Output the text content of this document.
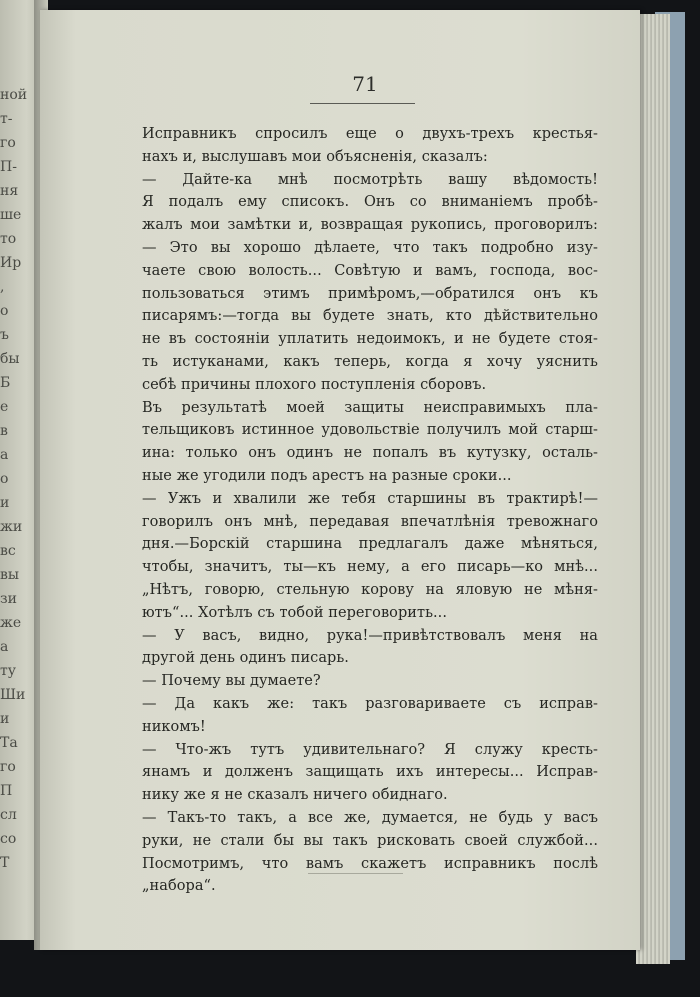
ной
т-
го
П-
ня
ше
то
Ир
,
о
ъ
бы
Б
е
в
а
о
и
жи
вс
вы
зи
же
а
ту
Ши
и
Та
го
П
сл
со
Т
71
Исправникъ спросилъ еще о двухъ-трехъ крестья-
нахъ и, выслушавъ мои объясненія, сказалъ:
— Дайте-ка мнѣ посмотрѣть вашу вѣдомость!
Я подалъ ему списокъ. Онъ со вниманіемъ пробѣ-
жалъ мои замѣтки и, возвращая рукопись, проговорилъ:
— Это вы хорошо дѣлаете, что такъ подробно изу-
чаете свою волость... Совѣтую и вамъ, господа, вос-
пользоваться этимъ примѣромъ,—обратился онъ къ
писарямъ:—тогда вы будете знать, кто дѣйствительно
не въ состояніи уплатить недоимокъ, и не будете стоя-
ть истуканами, какъ теперь, когда я хочу уяснить
себѣ причины плохого поступленія сборовъ.
Въ результатѣ моей защиты неисправимыхъ пла-
тельщиковъ истинное удовольствіе получилъ мой старш-
ина: только онъ одинъ не попалъ въ кутузку, осталь-
ные же угодили подъ арестъ на разные сроки...
— Ужъ и хвалили же тебя старшины въ трактирѣ!—
говорилъ онъ мнѣ, передавая впечатлѣнія тревожнаго
дня.—Борскій старшина предлагалъ даже мѣняться,
чтобы, значитъ, ты—къ нему, а его писарь—ко мнѣ...
„Нѣтъ, говорю, стельную корову на яловую не мѣня-
ютъ“... Хотѣлъ съ тобой переговорить...
— У васъ, видно, рука!—привѣтствовалъ меня на
другой день одинъ писарь.
— Почему вы думаете?
— Да какъ же: такъ разговариваете съ исправ-
никомъ!
— Что-жъ тутъ удивительнаго? Я служу кресть-
янамъ и долженъ защищать ихъ интересы... Исправ-
нику же я не сказалъ ничего обиднаго.
— Такъ-то такъ, а все же, думается, не будь у васъ
руки, не стали бы вы такъ рисковать своей службой...
Посмотримъ, что вамъ скажетъ исправникъ послѣ
„набора“.
